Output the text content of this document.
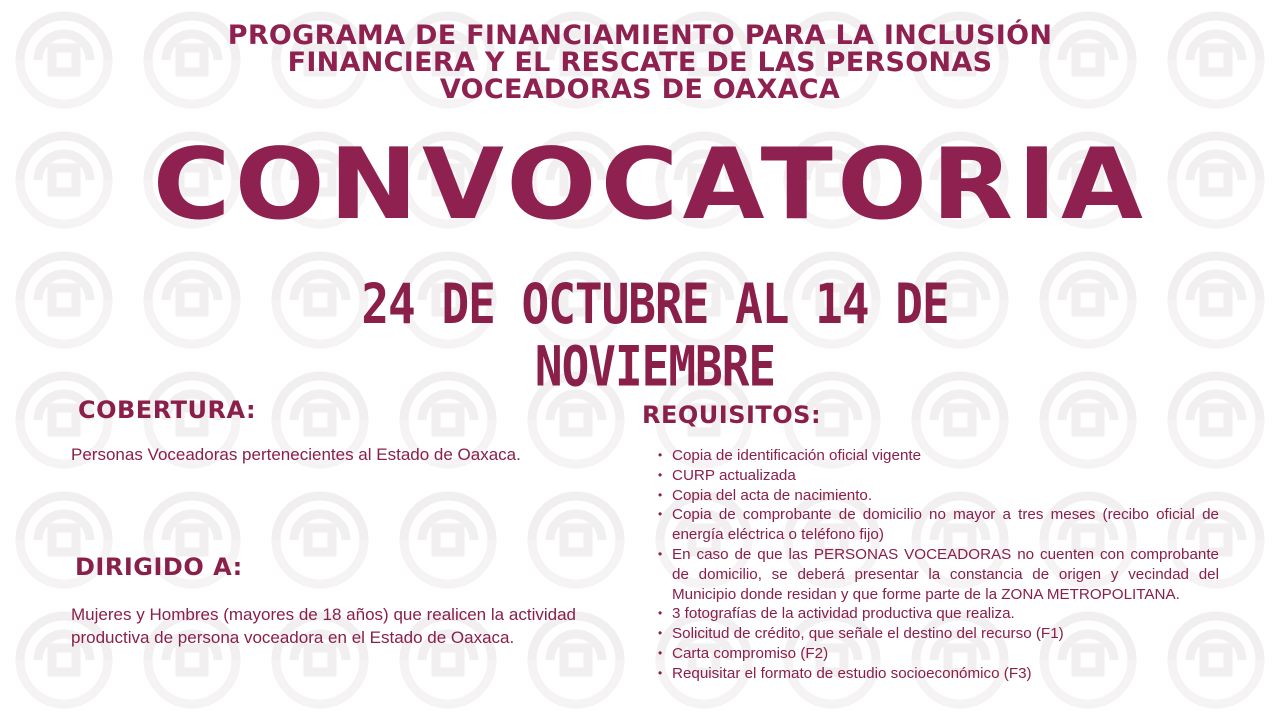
PROGRAMA DE FINANCIAMIENTO PARA LA INCLUSIÓN
FINANCIERA Y EL RESCATE DE LAS PERSONAS
VOCEADORAS DE OAXACA
CONVOCATORIA
24 DE OCTUBRE AL 14 DE NOVIEMBRE
COBERTURA:
Personas Voceadoras pertenecientes al Estado de Oaxaca.
DIRIGIDO A:
Mujeres y Hombres (mayores de 18 años) que realicen la actividad productiva de persona voceadora en el Estado de Oaxaca.
REQUISITOS:
• Copia de identificación oficial vigente
• CURP actualizada
• Copia del acta de nacimiento.
• Copia de comprobante de domicilio no mayor a tres meses (recibo oficial de energía eléctrica o teléfono fijo)
• En caso de que las PERSONAS VOCEADORAS no cuenten con comprobante de domicilio, se deberá presentar la constancia de origen y vecindad del Municipio donde residan y que forme parte de la ZONA METROPOLITANA.
• 3 fotografías de la actividad productiva que realiza.
• Solicitud de crédito, que señale el destino del recurso (F1)
• Carta compromiso (F2)
• Requisitar el formato de estudio socioeconómico (F3)
